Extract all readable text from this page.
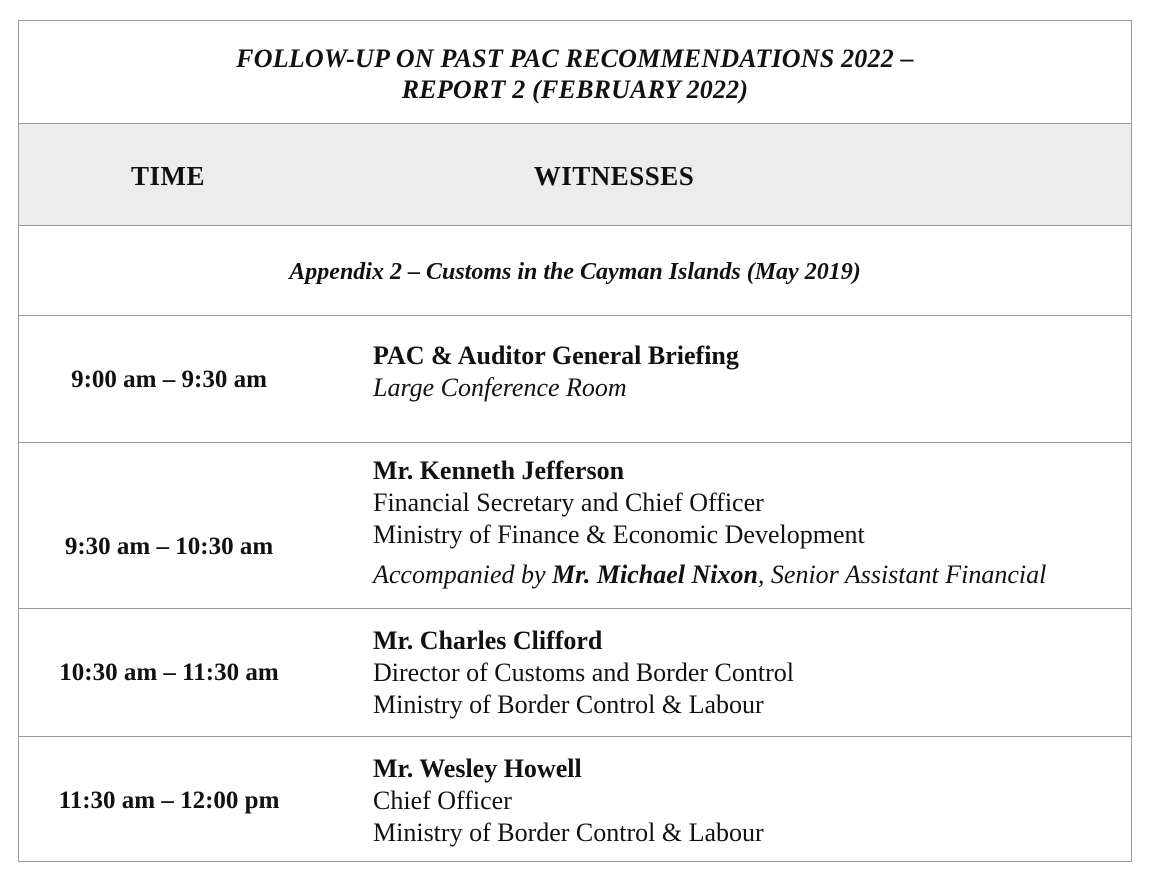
FOLLOW-UP ON PAST PAC RECOMMENDATIONS 2022 –
REPORT 2 (FEBRUARY 2022)
TIME	WITNESSES
Appendix 2 – Customs in the Cayman Islands (May 2019)
9:00 am – 9:30 am
PAC & Auditor General Briefing
Large Conference Room
9:30 am – 10:30 am
Mr. Kenneth Jefferson
Financial Secretary and Chief Officer
Ministry of Finance & Economic Development
Accompanied by Mr. Michael Nixon, Senior Assistant Financial
10:30 am – 11:30 am
Mr. Charles Clifford
Director of Customs and Border Control
Ministry of Border Control & Labour
11:30 am – 12:00 pm
Mr. Wesley Howell
Chief Officer
Ministry of Border Control & Labour
